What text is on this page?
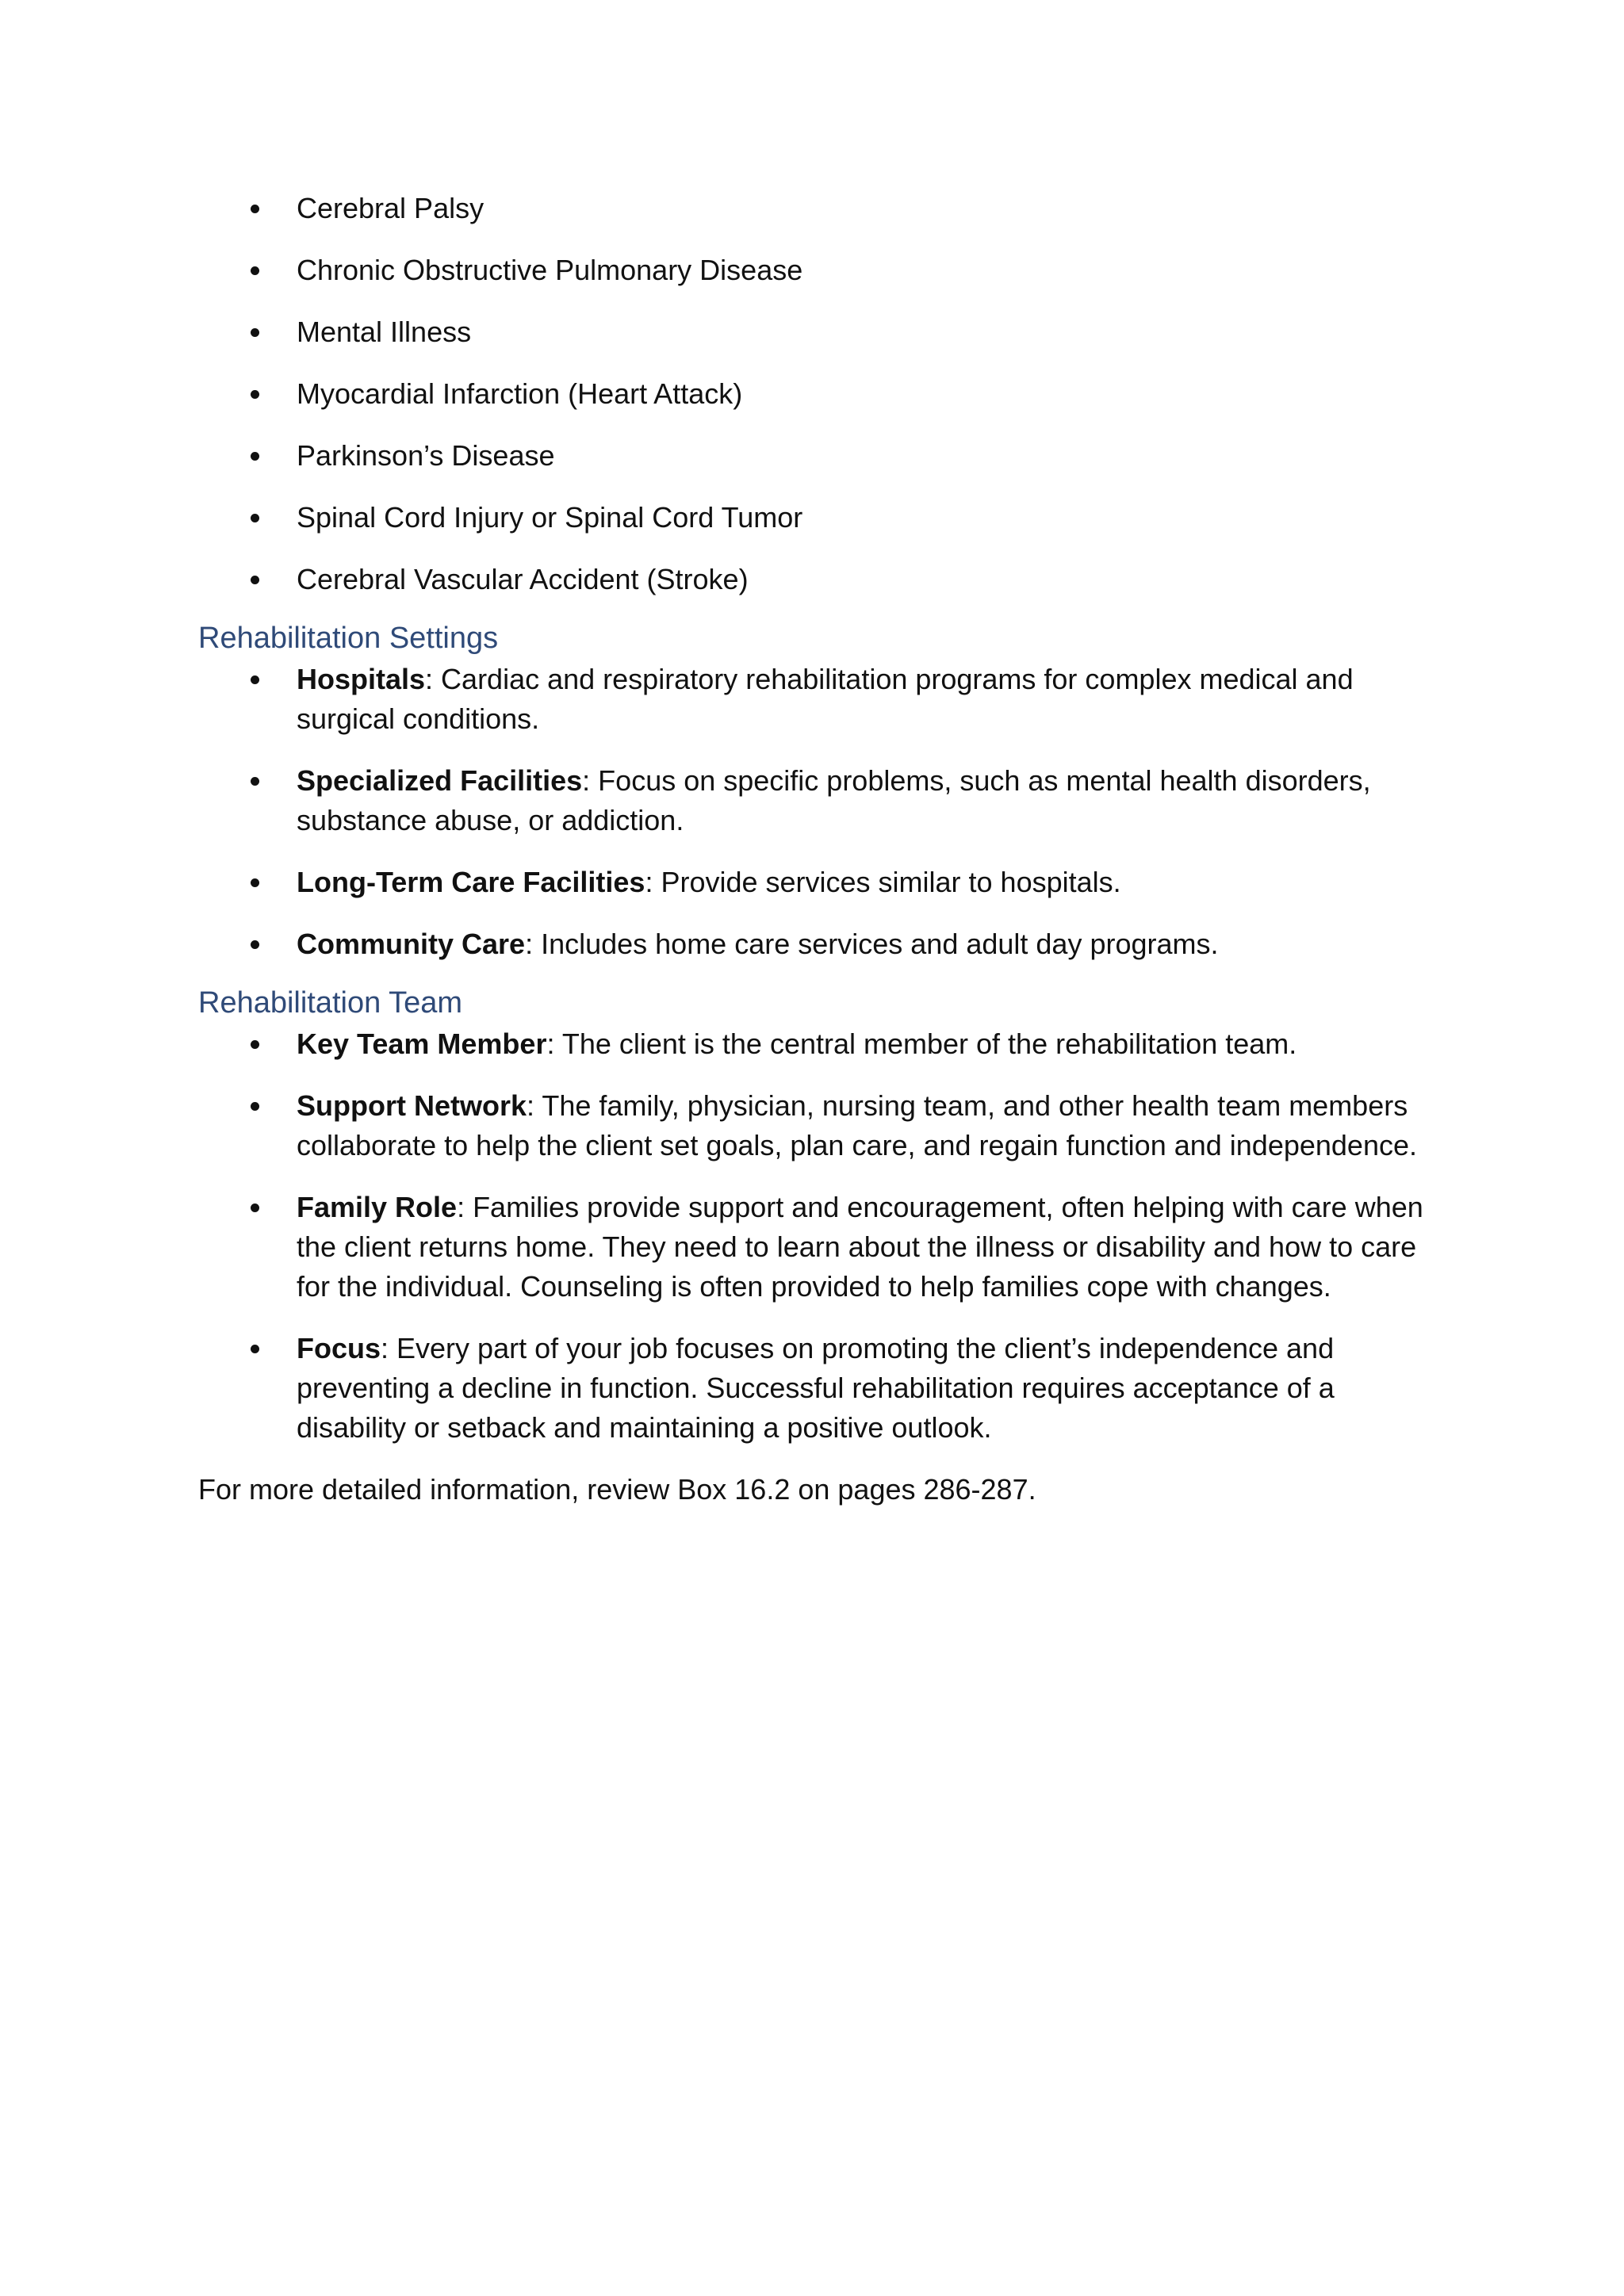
Cerebral Palsy
Chronic Obstructive Pulmonary Disease
Mental Illness
Myocardial Infarction (Heart Attack)
Parkinson’s Disease
Spinal Cord Injury or Spinal Cord Tumor
Cerebral Vascular Accident (Stroke)
Rehabilitation Settings
Hospitals: Cardiac and respiratory rehabilitation programs for complex medical and surgical conditions.
Specialized Facilities: Focus on specific problems, such as mental health disorders, substance abuse, or addiction.
Long-Term Care Facilities: Provide services similar to hospitals.
Community Care: Includes home care services and adult day programs.
Rehabilitation Team
Key Team Member: The client is the central member of the rehabilitation team.
Support Network: The family, physician, nursing team, and other health team members collaborate to help the client set goals, plan care, and regain function and independence.
Family Role: Families provide support and encouragement, often helping with care when the client returns home. They need to learn about the illness or disability and how to care for the individual. Counseling is often provided to help families cope with changes.
Focus: Every part of your job focuses on promoting the client’s independence and preventing a decline in function. Successful rehabilitation requires acceptance of a disability or setback and maintaining a positive outlook.

For more detailed information, review Box 16.2 on pages 286-287.
